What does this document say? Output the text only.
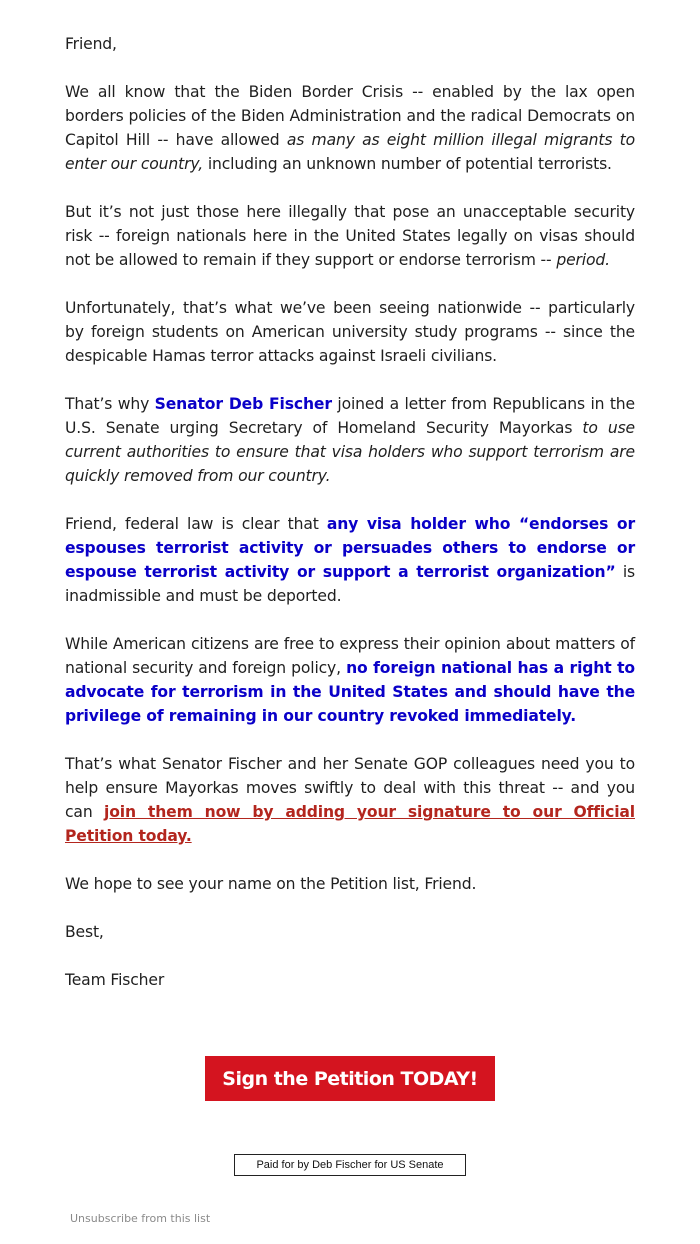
Friend,

We all know that the Biden Border Crisis -- enabled by the lax open borders policies of the Biden Administration and the radical Democrats on Capitol Hill -- have allowed as many as eight million illegal migrants to enter our country, including an unknown number of potential terrorists.

But it’s not just those here illegally that pose an unacceptable security risk -- foreign nationals here in the United States legally on visas should not be allowed to remain if they support or endorse terrorism -- period.

Unfortunately, that’s what we’ve been seeing nationwide -- particularly by foreign students on American university study programs -- since the despicable Hamas terror attacks against Israeli civilians.

That’s why Senator Deb Fischer joined a letter from Republicans in the U.S. Senate urging Secretary of Homeland Security Mayorkas to use current authorities to ensure that visa holders who support terrorism are quickly removed from our country.

Friend, federal law is clear that any visa holder who “endorses or espouses terrorist activity or persuades others to endorse or espouse terrorist activity or support a terrorist organization” is inadmissible and must be deported.

While American citizens are free to express their opinion about matters of national security and foreign policy, no foreign national has a right to advocate for terrorism in the United States and should have the privilege of remaining in our country revoked immediately.

That’s what Senator Fischer and her Senate GOP colleagues need you to help ensure Mayorkas moves swiftly to deal with this threat -- and you can join them now by adding your signature to our Official Petition today.

We hope to see your name on the Petition list, Friend.

Best,

Team Fischer

Sign the Petition TODAY!
Paid for by Deb Fischer for US Senate
Unsubscribe from this list
